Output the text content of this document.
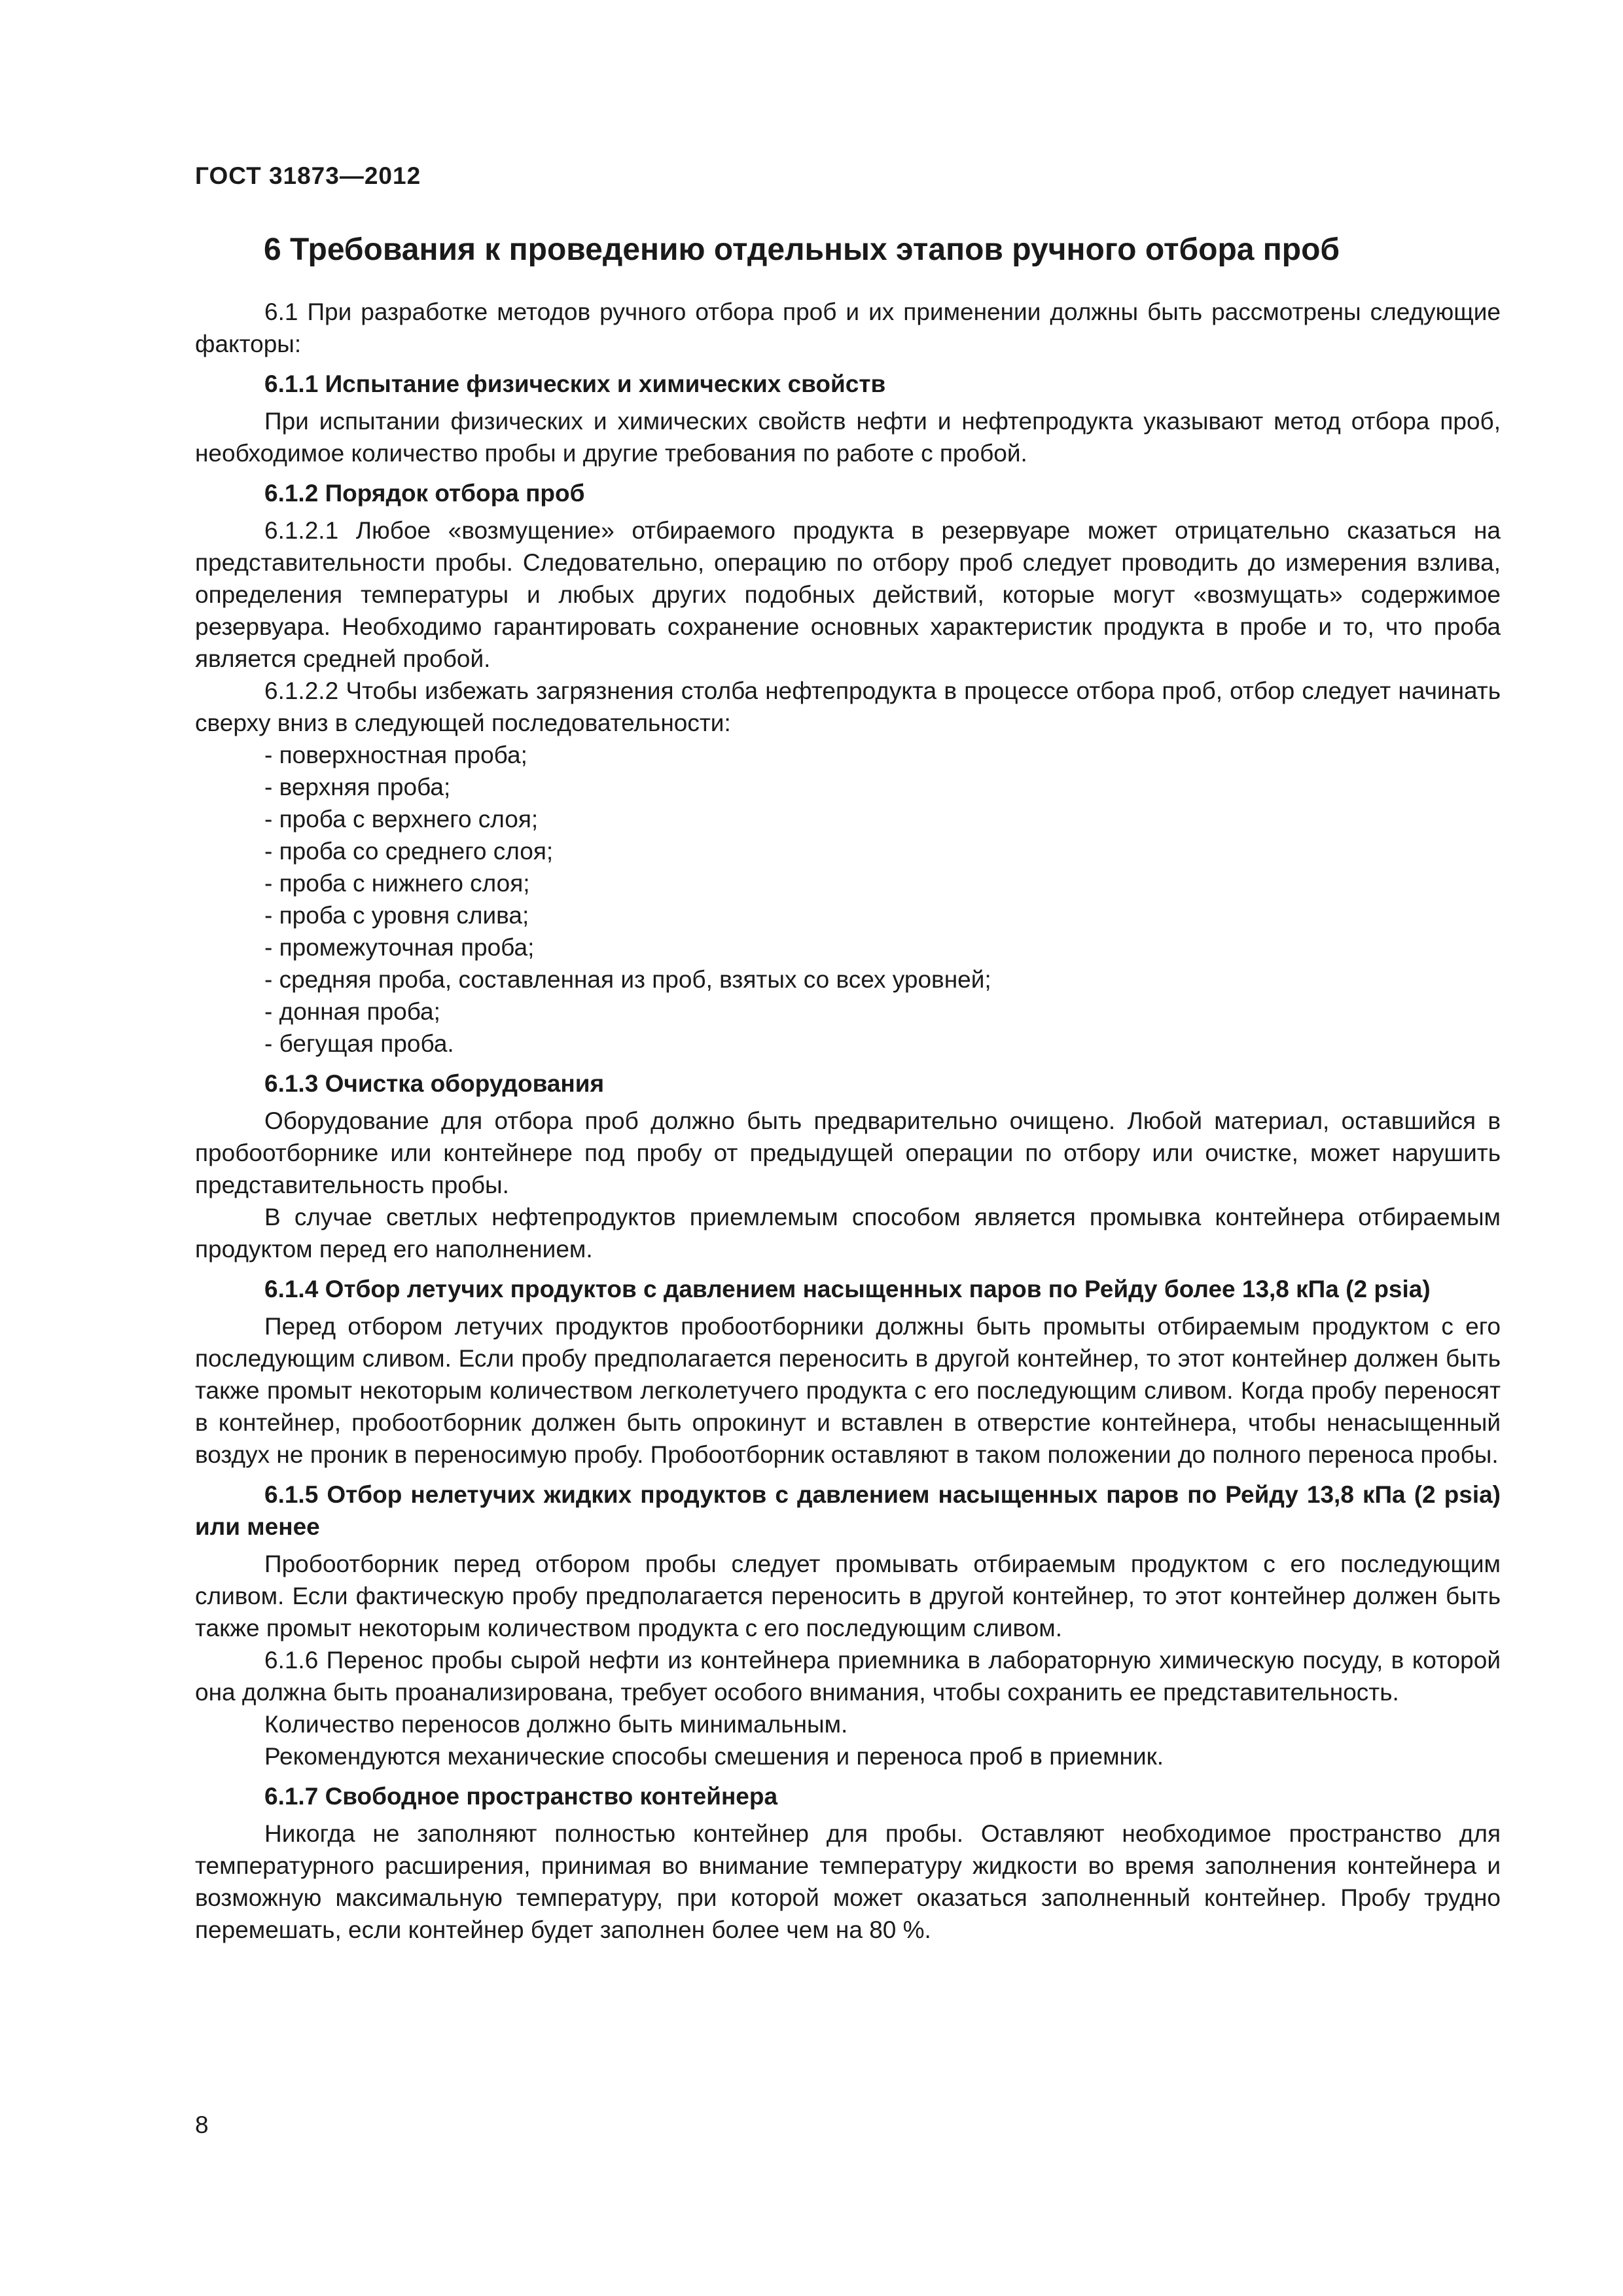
ГОСТ 31873—2012

6 Требования к проведению отдельных этапов ручного отбора проб

6.1 При разработке методов ручного отбора проб и их применении должны быть рассмотрены следующие факторы:

6.1.1 Испытание физических и химических свойств

При испытании физических и химических свойств нефти и нефтепродукта указывают метод отбора проб, необходимое количество пробы и другие требования по работе с пробой.

6.1.2 Порядок отбора проб

6.1.2.1 Любое «возмущение» отбираемого продукта в резервуаре может отрицательно сказаться на представительности пробы. Следовательно, операцию по отбору проб следует проводить до измерения взлива, определения температуры и любых других подобных действий, которые могут «возмущать» содержимое резервуара. Необходимо гарантировать сохранение основных характеристик продукта в пробе и то, что проба является средней пробой.

6.1.2.2 Чтобы избежать загрязнения столба нефтепродукта в процессе отбора проб, отбор следует начинать сверху вниз в следующей последовательности:

- поверхностная проба;
- верхняя проба;
- проба с верхнего слоя;
- проба со среднего слоя;
- проба с нижнего слоя;
- проба с уровня слива;
- промежуточная проба;
- средняя проба, составленная из проб, взятых со всех уровней;
- донная проба;
- бегущая проба.
6.1.3 Очистка оборудования

Оборудование для отбора проб должно быть предварительно очищено. Любой материал, оставшийся в пробоотборнике или контейнере под пробу от предыдущей операции по отбору или очистке, может нарушить представительность пробы.

В случае светлых нефтепродуктов приемлемым способом является промывка контейнера отбираемым продуктом перед его наполнением.

6.1.4 Отбор летучих продуктов с давлением насыщенных паров по Рейду более 13,8 кПа (2 psia)

Перед отбором летучих продуктов пробоотборники должны быть промыты отбираемым продуктом с его последующим сливом. Если пробу предполагается переносить в другой контейнер, то этот контейнер должен быть также промыт некоторым количеством легколетучего продукта с его последующим сливом. Когда пробу переносят в контейнер, пробоотборник должен быть опрокинут и вставлен в отверстие контейнера, чтобы ненасыщенный воздух не проник в переносимую пробу. Пробоотборник оставляют в таком положении до полного переноса пробы.

6.1.5 Отбор нелетучих жидких продуктов с давлением насыщенных паров по Рейду 13,8 кПа (2 psia) или менее

Пробоотборник перед отбором пробы следует промывать отбираемым продуктом с его последующим сливом. Если фактическую пробу предполагается переносить в другой контейнер, то этот контейнер должен быть также промыт некоторым количеством продукта с его последующим сливом.

6.1.6 Перенос пробы сырой нефти из контейнера приемника в лабораторную химическую посуду, в которой она должна быть проанализирована, требует особого внимания, чтобы сохранить ее представительность.

Количество переносов должно быть минимальным.

Рекомендуются механические способы смешения и переноса проб в приемник.

6.1.7 Свободное пространство контейнера

Никогда не заполняют полностью контейнер для пробы. Оставляют необходимое пространство для температурного расширения, принимая во внимание температуру жидкости во время заполнения контейнера и возможную максимальную температуру, при которой может оказаться заполненный контейнер. Пробу трудно перемешать, если контейнер будет заполнен более чем на 80 %.

8
